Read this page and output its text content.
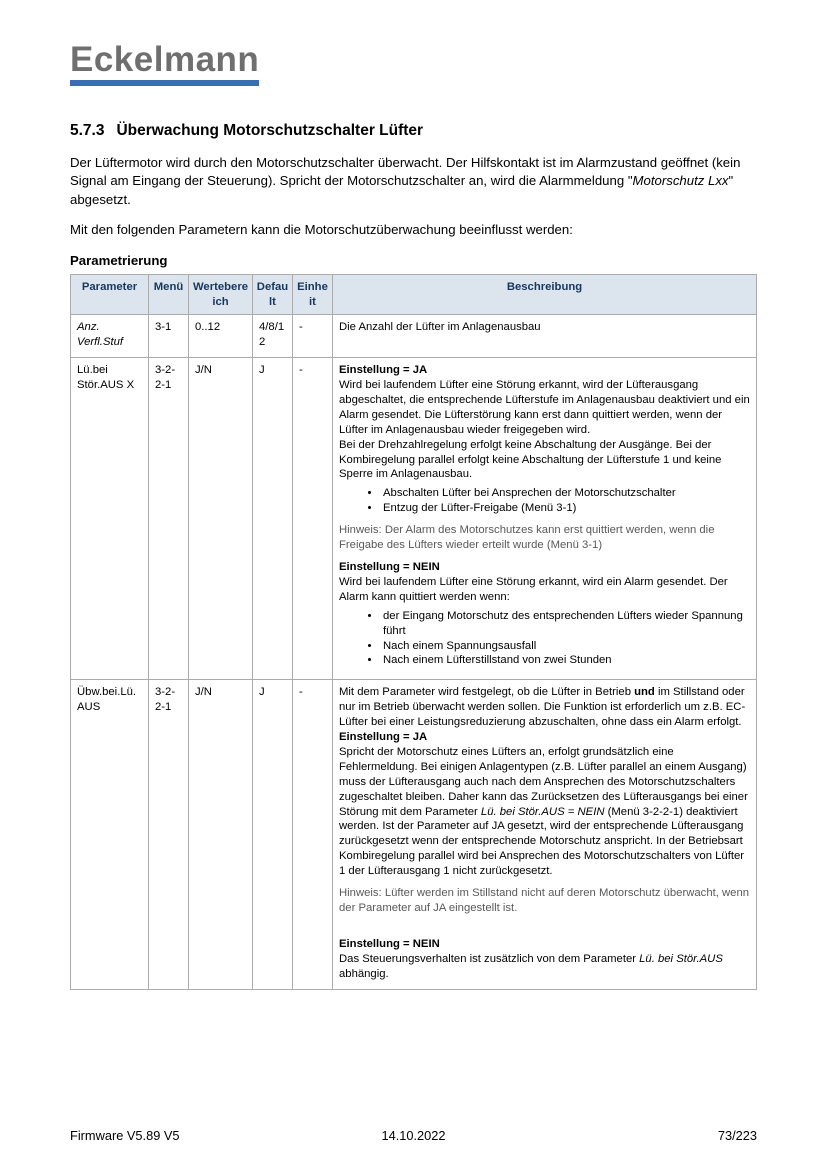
Eckelmann
5.7.3 Überwachung Motorschutzschalter Lüfter

Der Lüftermotor wird durch den Motorschutzschalter überwacht. Der Hilfskontakt ist im Alarmzustand geöffnet (kein Signal am Eingang der Steuerung). Spricht der Motorschutzschalter an, wird die Alarmmeldung "Motorschutz Lxx" abgesetzt.

Mit den folgenden Parametern kann die Motorschutzüberwachung beeinflusst werden:

Parametrierung

Parameter	Menü	Wertebereich	Default	Einheit	Beschreibung
Anz. Verfl.Stuf	3-1	0..12	4/8/12	-	Die Anzahl der Lüfter im Anlagenausbau

Lü.bei Stör.AUS X	3-2-2-1	J/N	J	-	Einstellung = JA

Wird bei laufendem Lüfter eine Störung erkannt, wird der Lüfterausgang abgeschaltet, die entsprechende Lüfterstufe im Anlagenausbau deaktiviert und ein Alarm gesendet. Die Lüfterstörung kann erst dann quittiert werden, wenn der Lüfter im Anlagenausbau wieder freigegeben wird.

Bei der Drehzahlregelung erfolgt keine Abschaltung der Ausgänge. Bei der Kombiregelung parallel erfolgt keine Abschaltung der Lüfterstufe 1 und keine Sperre im Anlagenausbau.

• Abschalten Lüfter bei Ansprechen der Motorschutzschalter
• Entzug der Lüfter-Freigabe (Menü 3-1)

Hinweis: Der Alarm des Motorschutzes kann erst quittiert werden, wenn die Freigabe des Lüfters wieder erteilt wurde (Menü 3-1)

Einstellung = NEIN

Wird bei laufendem Lüfter eine Störung erkannt, wird ein Alarm gesendet. Der Alarm kann quittiert werden wenn:

• der Eingang Motorschutz des entsprechenden Lüfters wieder Spannung führt
• Nach einem Spannungsausfall
• Nach einem Lüfterstillstand von zwei Stunden

Übw.bei.Lü.AUS	3-2-2-1	J/N	J	-	Mit dem Parameter wird festgelegt, ob die Lüfter in Betrieb und im Stillstand oder nur im Betrieb überwacht werden sollen. Die Funktion ist erforderlich um z.B. EC-Lüfter bei einer Leistungsreduzierung abzuschalten, ohne dass ein Alarm erfolgt.

Einstellung = JA

Spricht der Motorschutz eines Lüfters an, erfolgt grundsätzlich eine Fehlermeldung. Bei einigen Anlagentypen (z.B. Lüfter parallel an einem Ausgang) muss der Lüfterausgang auch nach dem Ansprechen des Motorschutzschalters zugeschaltet bleiben. Daher kann das Zurücksetzen des Lüfterausgangs bei einer Störung mit dem Parameter Lü. bei Stör.AUS = NEIN (Menü 3-2-2-1) deaktiviert werden. Ist der Parameter auf JA gesetzt, wird der entsprechende Lüfterausgang zurückgesetzt wenn der entsprechende Motorschutz anspricht. In der Betriebsart Kombiregelung parallel wird bei Ansprechen des Motorschutzschalters von Lüfter 1 der Lüfterausgang 1 nicht zurückgesetzt.

Hinweis: Lüfter werden im Stillstand nicht auf deren Motorschutz überwacht, wenn der Parameter auf JA eingestellt ist.

Einstellung = NEIN

Das Steuerungsverhalten ist zusätzlich von dem Parameter Lü. bei Stör.AUS abhängig.

Firmware V5.89 V5	14.10.2022	73/223
